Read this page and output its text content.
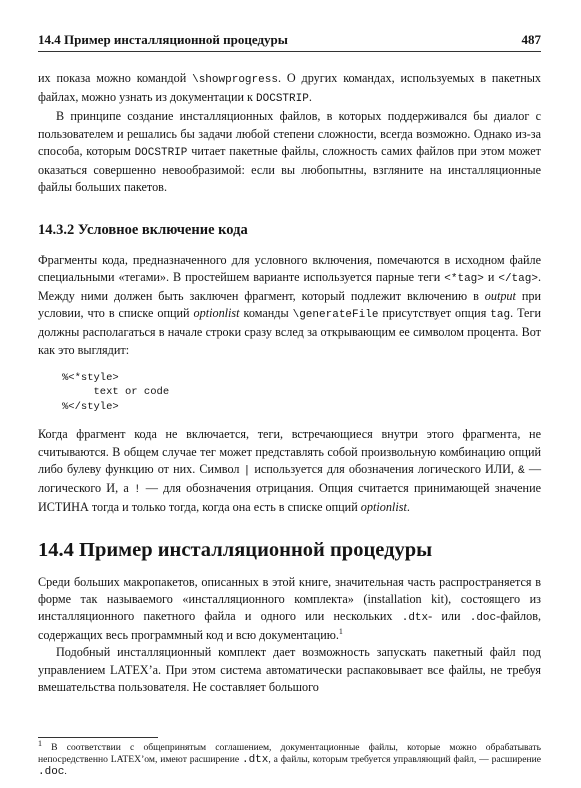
14.4 Пример инсталляционной процедуры	487

их показа можно командой \showprogress. О других командах, используемых в пакетных файлах, можно узнать из документации к DOCSTRIP.

В принципе создание инсталляционных файлов, в которых поддерживался бы диалог с пользователем и решались бы задачи любой степени сложности, всегда возможно. Однако из-за способа, которым DOCSTRIP читает пакетные файлы, сложность самих файлов при этом может оказаться совершенно невообразимой: если вы любопытны, взгляните на инсталляционные файлы больших пакетов.

14.3.2 Условное включение кода

Фрагменты кода, предназначенного для условного включения, помечаются в исходном файле специальными «тегами». В простейшем варианте используется парные теги <*tag> и </tag>. Между ними должен быть заключен фрагмент, который подлежит включению в output при условии, что в списке опций optionlist команды \generateFile присутствует опция tag. Теги должны располагаться в начале строки сразу вслед за открывающим ее символом процента. Вот как это выглядит:

%<*style>
text or code
%</style>

Когда фрагмент кода не включается, теги, встречающиеся внутри этого фрагмента, не считываются. В общем случае тег может представлять собой произвольную комбинацию опций либо булеву функцию от них. Символ | используется для обозначения логического ИЛИ, & — логического И, а ! — для обозначения отрицания. Опция считается принимающей значение ИСТИНА тогда и только тогда, когда она есть в списке опций optionlist.

14.4 Пример инсталляционной процедуры

Среди больших макропакетов, описанных в этой книге, значительная часть распространяется в форме так называемого «инсталляционного комплекта» (installation kit), состоящего из инсталляционного пакетного файла и одного или нескольких .dtx- или .doc-файлов, содержащих весь программный код и всю документацию.$^1$

Подобный инсталляционный комплект дает возможность запускать пакетный файл под управлением LATEX’а. При этом система автоматически распаковывает все файлы, не требуя вмешательства пользователя. Не составляет большого

$^1$ В соответствии с общепринятым соглашением, документационные файлы, которые можно обрабатывать непосредственно LATEX’ом, имеют расширение .dtx, а файлы, которым требуется управляющий файл, — расширение .doc.
